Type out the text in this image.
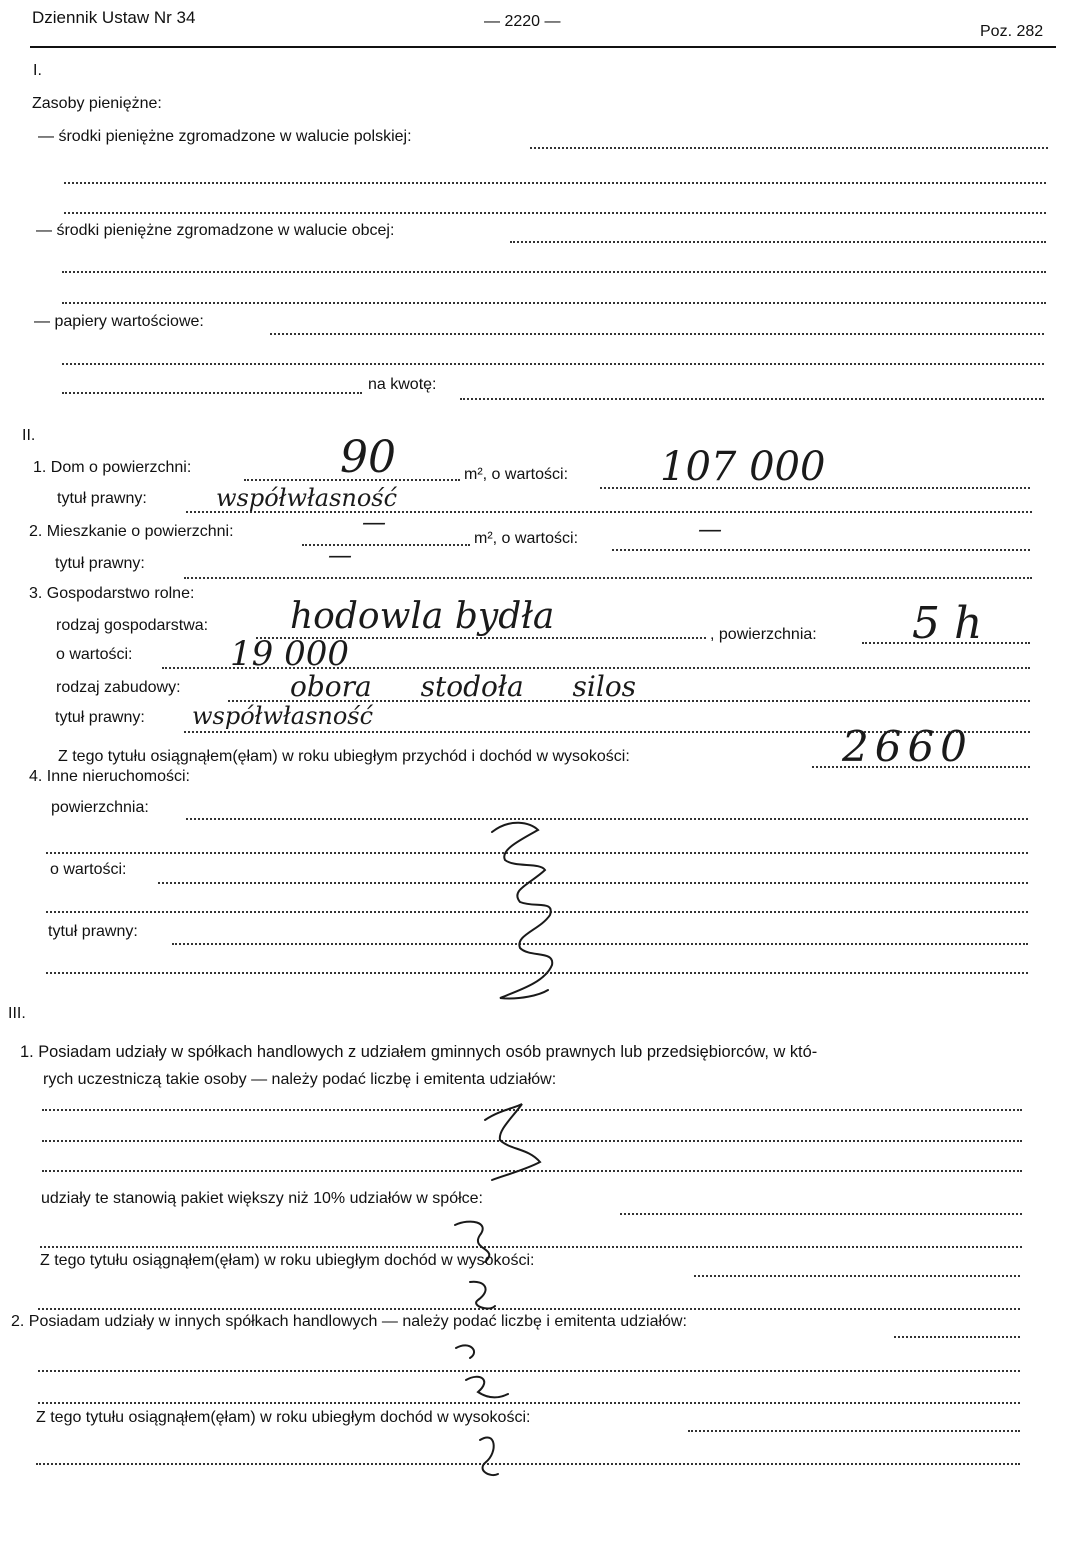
Dziennik Ustaw Nr 34	— 2220 —
Poz. 282
I.
Zasoby pieniężne:
— środki pieniężne zgromadzone w walucie polskiej:
— środki pieniężne zgromadzone w walucie obcej:
— papiery wartościowe:
na kwotę:
II.
1. Dom o powierzchni:	90	m², o wartości: 107 000
tytuł prawny:	współwłasność
2. Mieszkanie o powierzchni:	—
m², o wartości:	—
tytuł prawny:	—
3. Gospodarstwo rolne:
rodzaj gospodarstwa: hodowla bydła	, powierzchnia: 5 h
o wartości:	19 000
rodzaj zabudowy:	obora stodoła silos
tytuł prawny: współwłasność
Z tego tytułu osiągnąłem(ęłam) w roku ubiegłym przychód i dochód w wysokości:	2660
4. Inne nieruchomości:
powierzchnia:
o wartości:
tytuł prawny:
III.
1. Posiadam udziały w spółkach handlowych z udziałem gminnych osób prawnych lub przedsiębiorców, w któ-
rych uczestniczą takie osoby — należy podać liczbę i emitenta udziałów:
udziały te stanowią pakiet większy niż 10% udziałów w spółce:
Z tego tytułu osiągnąłem(ęłam) w roku ubiegłym dochód w wysokości:
2. Posiadam udziały w innych spółkach handlowych — należy podać liczbę i emitenta udziałów:
Z tego tytułu osiągnąłem(ęłam) w roku ubiegłym dochód w wysokości:
